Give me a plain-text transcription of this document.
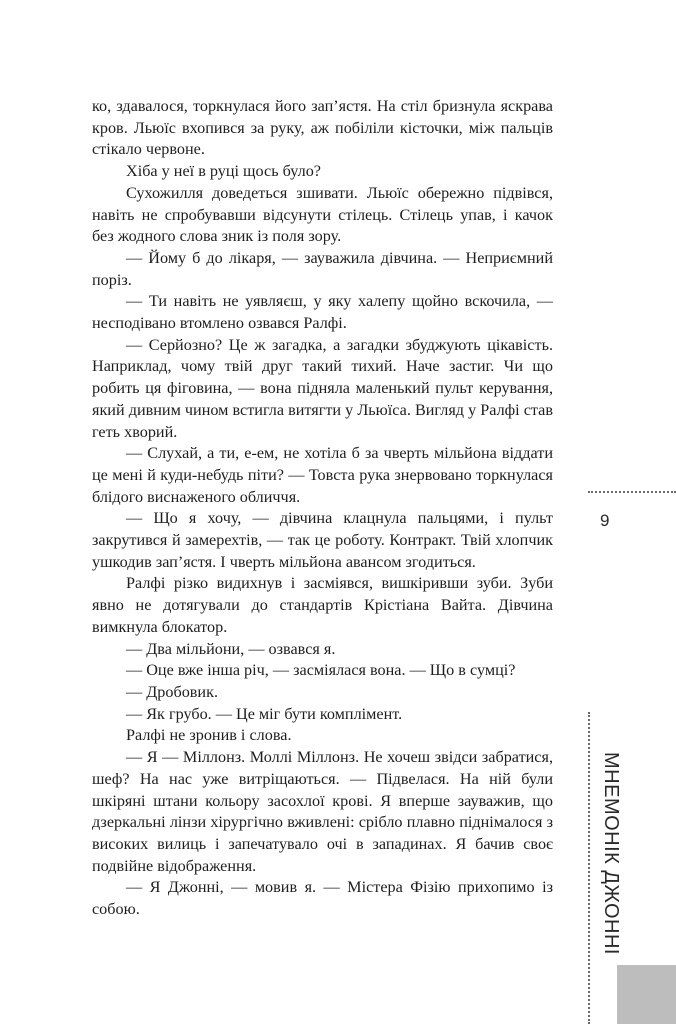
ко, здавалося, торкнулася його зап’ястя. На стіл бризнула яскрава кров. Льюїс вхопився за руку, аж побіліли кісточки, між пальців стікало червоне.

Хіба у неї в руці щось було?

Сухожилля доведеться зшивати. Льюїс обережно підвівся, навіть не спробувавши відсунути стілець. Стілець упав, і качок без жодного слова зник із поля зору.

— Йому б до лікаря, — зауважила дівчина. — Неприємний поріз.

— Ти навіть не уявляєш, у яку халепу щойно вскочила, — несподівано втомлено озвався Ралфі.

— Серйозно? Це ж загадка, а загадки збуджують цікавість. Наприклад, чому твій друг такий тихий. Наче застиг. Чи що робить ця фіговина, — вона підняла маленький пульт керування, який дивним чином встигла витягти у Льюїса. Вигляд у Ралфі став геть хворий.

— Слухай, а ти, е-ем, не хотіла б за чверть мільйона віддати це мені й куди-небудь піти? — Товста рука знервовано торкнулася блідого виснаженого обличчя.

— Що я хочу, — дівчина клацнула пальцями, і пульт закрутився й замерехтів, — так це роботу. Контракт. Твій хлопчик ушкодив зап’ястя. І чверть мільйона авансом згодиться.

Ралфі різко видихнув і засміявся, вишкіривши зуби. Зуби явно не дотягували до стандартів Крістіана Вайта. Дівчина вимкнула блокатор.

— Два мільйони, — озвався я.

— Оце вже інша річ, — засміялася вона. — Що в сумці?

— Дробовик.

— Як грубо. — Це міг бути комплімент.

Ралфі не зронив і слова.

— Я — Міллонз. Моллі Міллонз. Не хочеш звідси забратися, шеф? На нас уже витріщаються. — Підвелася. На ній були шкіряні штани кольору засохлої крові. Я вперше зауважив, що дзеркальні лінзи хірургічно вживлені: срібло плавно піднімалося з високих вилиць і запечатувало очі в западинах. Я бачив своє подвійне відображення.

— Я Джонні, — мовив я. — Містера Фізію прихопимо із собою.

9
МНЕМОНІК ДЖОННІ
